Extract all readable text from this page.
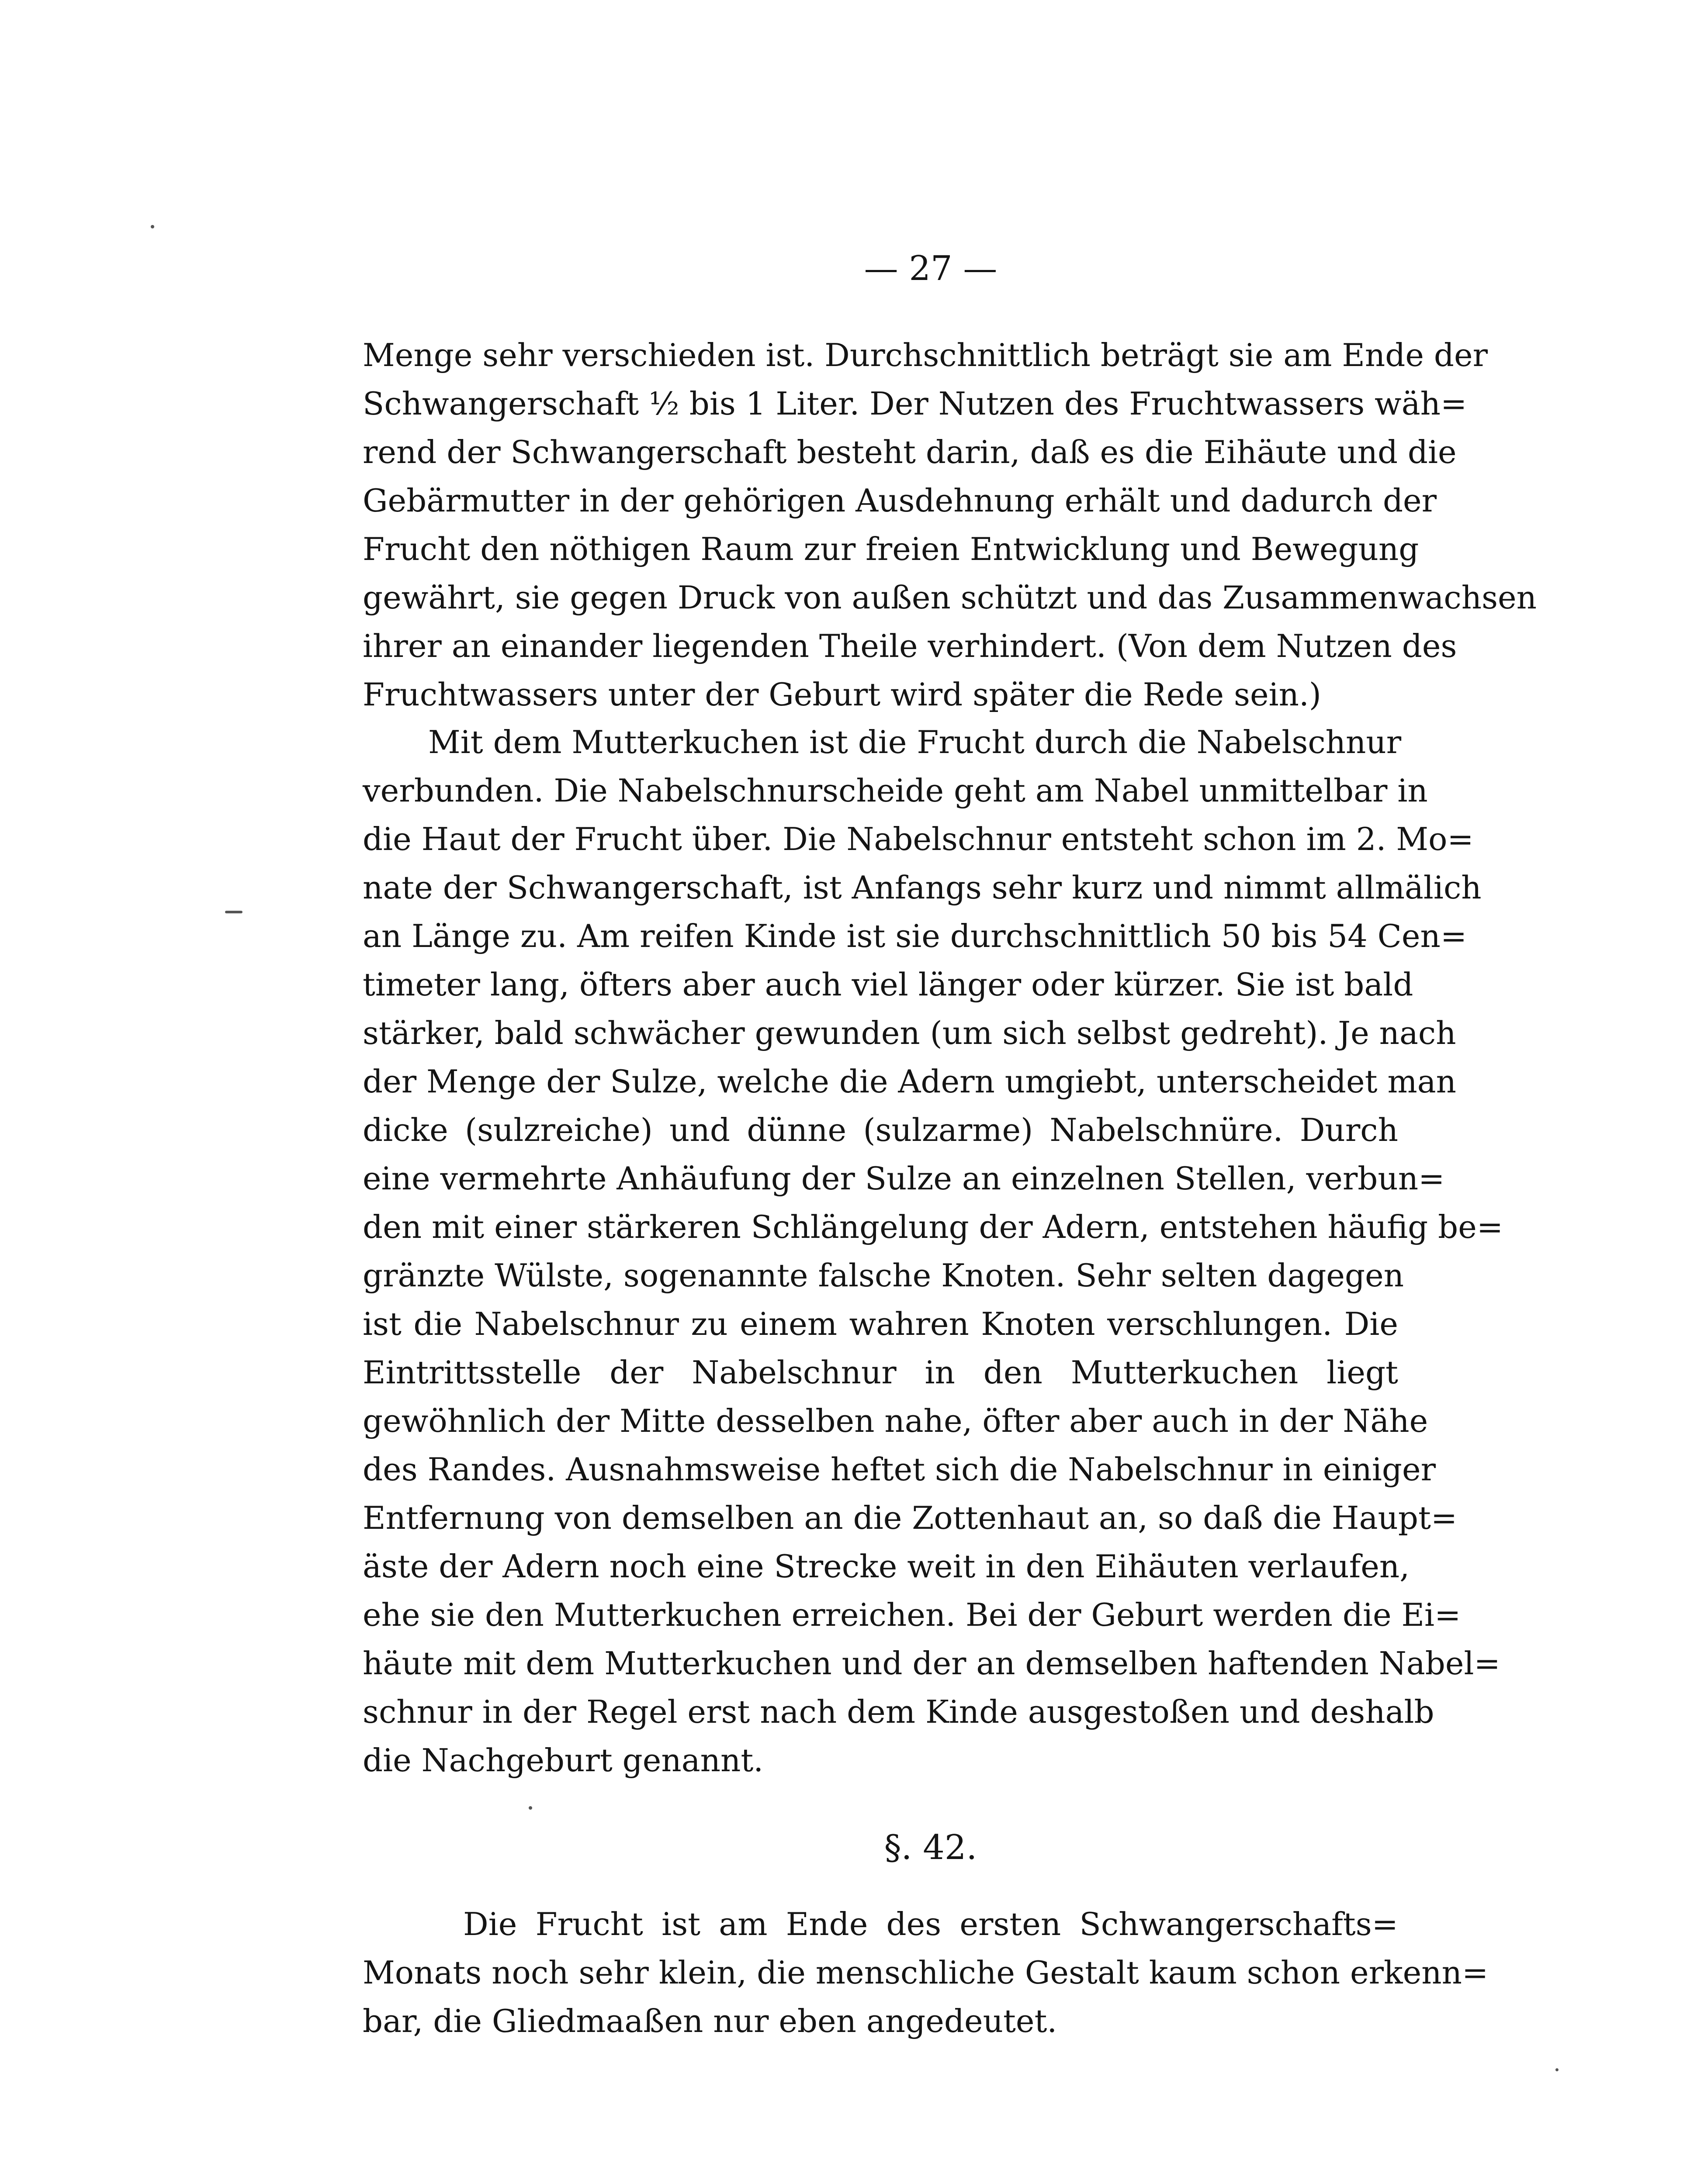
— 27 —
Menge sehr verschieden ist. Durchschnittlich beträgt sie am Ende der
Schwangerschaft ½ bis 1 Liter. Der Nutzen des Fruchtwassers wäh=
rend der Schwangerschaft besteht darin, daß es die Eihäute und die
Gebärmutter in der gehörigen Ausdehnung erhält und dadurch der
Frucht den nöthigen Raum zur freien Entwicklung und Bewegung
gewährt, sie gegen Druck von außen schützt und das Zusammenwachsen
ihrer an einander liegenden Theile verhindert. (Von dem Nutzen des
Fruchtwassers unter der Geburt wird später die Rede sein.)
Mit dem Mutterkuchen ist die Frucht durch die Nabelschnur
verbunden. Die Nabelschnurscheide geht am Nabel unmittelbar in
die Haut der Frucht über. Die Nabelschnur entsteht schon im 2. Mo=
nate der Schwangerschaft, ist Anfangs sehr kurz und nimmt allmälich
an Länge zu. Am reifen Kinde ist sie durchschnittlich 50 bis 54 Cen=
timeter lang, öfters aber auch viel länger oder kürzer. Sie ist bald
stärker, bald schwächer gewunden (um sich selbst gedreht). Je nach
der Menge der Sulze, welche die Adern umgiebt, unterscheidet man
dicke (sulzreiche) und dünne (sulzarme) Nabelschnüre. Durch
eine vermehrte Anhäufung der Sulze an einzelnen Stellen, verbun=
den mit einer stärkeren Schlängelung der Adern, entstehen häufig be=
gränzte Wülste, sogenannte falsche Knoten. Sehr selten dagegen
ist die Nabelschnur zu einem wahren Knoten verschlungen. Die
Eintrittsstelle der Nabelschnur in den Mutterkuchen liegt
gewöhnlich der Mitte desselben nahe, öfter aber auch in der Nähe
des Randes. Ausnahmsweise heftet sich die Nabelschnur in einiger
Entfernung von demselben an die Zottenhaut an, so daß die Haupt=
äste der Adern noch eine Strecke weit in den Eihäuten verlaufen,
ehe sie den Mutterkuchen erreichen. Bei der Geburt werden die Ei=
häute mit dem Mutterkuchen und der an demselben haftenden Nabel=
schnur in der Regel erst nach dem Kinde ausgestoßen und deshalb
die Nachgeburt genannt.
§. 42.
Die Frucht ist am Ende des ersten Schwangerschafts=
Monats noch sehr klein, die menschliche Gestalt kaum schon erkenn=
bar, die Gliedmaaßen nur eben angedeutet.
